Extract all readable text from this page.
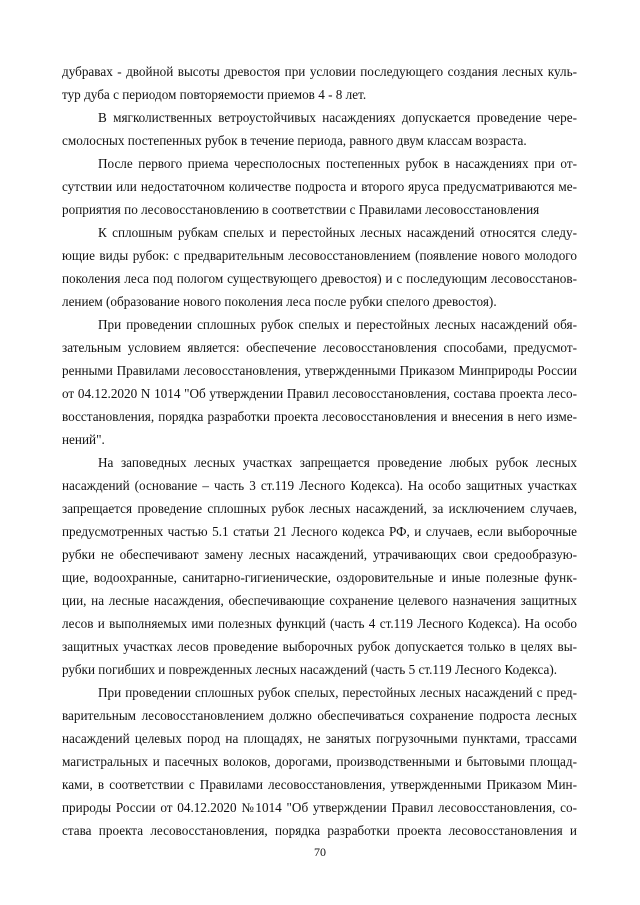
дубравах - двойной высоты древостоя при условии последующего создания лесных куль-
тур дуба с периодом повторяемости приемов 4 - 8 лет.
В мягколиственных ветроустойчивых насаждениях допускается проведение чере-
смолосных постепенных рубок в течение периода, равного двум классам возраста.
После первого приема чересполосных постепенных рубок в насаждениях при от-
сутствии или недостаточном количестве подроста и второго яруса предусматриваются ме-
роприятия по лесовосстановлению в соответствии с Правилами лесовосстановления
К сплошным рубкам спелых и перестойных лесных насаждений относятся следу-
ющие виды рубок: с предварительным лесовосстановлением (появление нового молодого
поколения леса под пологом существующего древостоя) и с последующим лесовосстанов-
лением (образование нового поколения леса после рубки спелого древостоя).
При проведении сплошных рубок спелых и перестойных лесных насаждений обя-
зательным условием является: обеспечение лесовосстановления способами, предусмот-
ренными Правилами лесовосстановления, утвержденными Приказом Минприроды России
от 04.12.2020 N 1014 "Об утверждении Правил лесовосстановления, состава проекта лесо-
восстановления, порядка разработки проекта лесовосстановления и внесения в него изме-
нений".
На заповедных лесных участках запрещается проведение любых рубок лесных
насаждений (основание – часть 3 ст.119 Лесного Кодекса). На особо защитных участках
запрещается проведение сплошных рубок лесных насаждений, за исключением случаев,
предусмотренных частью 5.1 статьи 21 Лесного кодекса РФ, и случаев, если выборочные
рубки не обеспечивают замену лесных насаждений, утрачивающих свои средообразую-
щие, водоохранные, санитарно-гигиенические, оздоровительные и иные полезные функ-
ции, на лесные насаждения, обеспечивающие сохранение целевого назначения защитных
лесов и выполняемых ими полезных функций (часть 4 ст.119 Лесного Кодекса). На особо
защитных участках лесов проведение выборочных рубок допускается только в целях вы-
рубки погибших и поврежденных лесных насаждений (часть 5 ст.119 Лесного Кодекса).
При проведении сплошных рубок спелых, перестойных лесных насаждений с пред-
варительным лесовосстановлением должно обеспечиваться сохранение подроста лесных
насаждений целевых пород на площадях, не занятых погрузочными пунктами, трассами
магистральных и пасечных волоков, дорогами, производственными и бытовыми площад-
ками, в соответствии с Правилами лесовосстановления, утвержденными Приказом Мин-
природы России от 04.12.2020 №1014 "Об утверждении Правил лесовосстановления, со-
става проекта лесовосстановления, порядка разработки проекта лесовосстановления и
70
